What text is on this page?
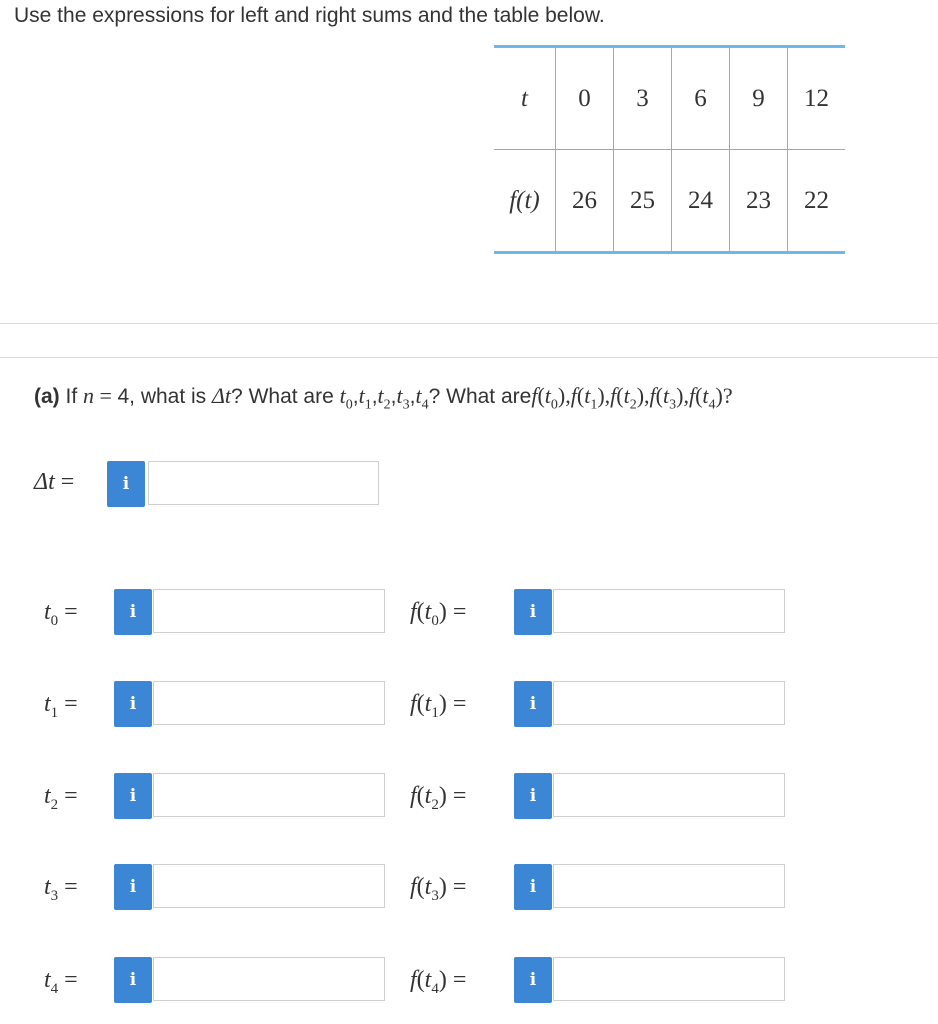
Use the expressions for left and right sums and the table below.
t	0	3	6	9	12
f(t)	26	25	24	23	22
(a) If n = 4, what is Δt? What are $t_0,t_1,t_2,t_3,t_4$? What $aref(t_0),f(t_1),f(t_2),f(t_3),f(t_4)$?
Δt =	i
$t_0$ =	i	$f(t_0)$ =	i
$t_1$ =	i	$f(t_1)$ =	i
$t_2$ =	i	$f(t_2)$ =	i
$t_3$ =	i	$f(t_3)$ =	i
$t_4$ =	i	$f(t_4)$ =	i
